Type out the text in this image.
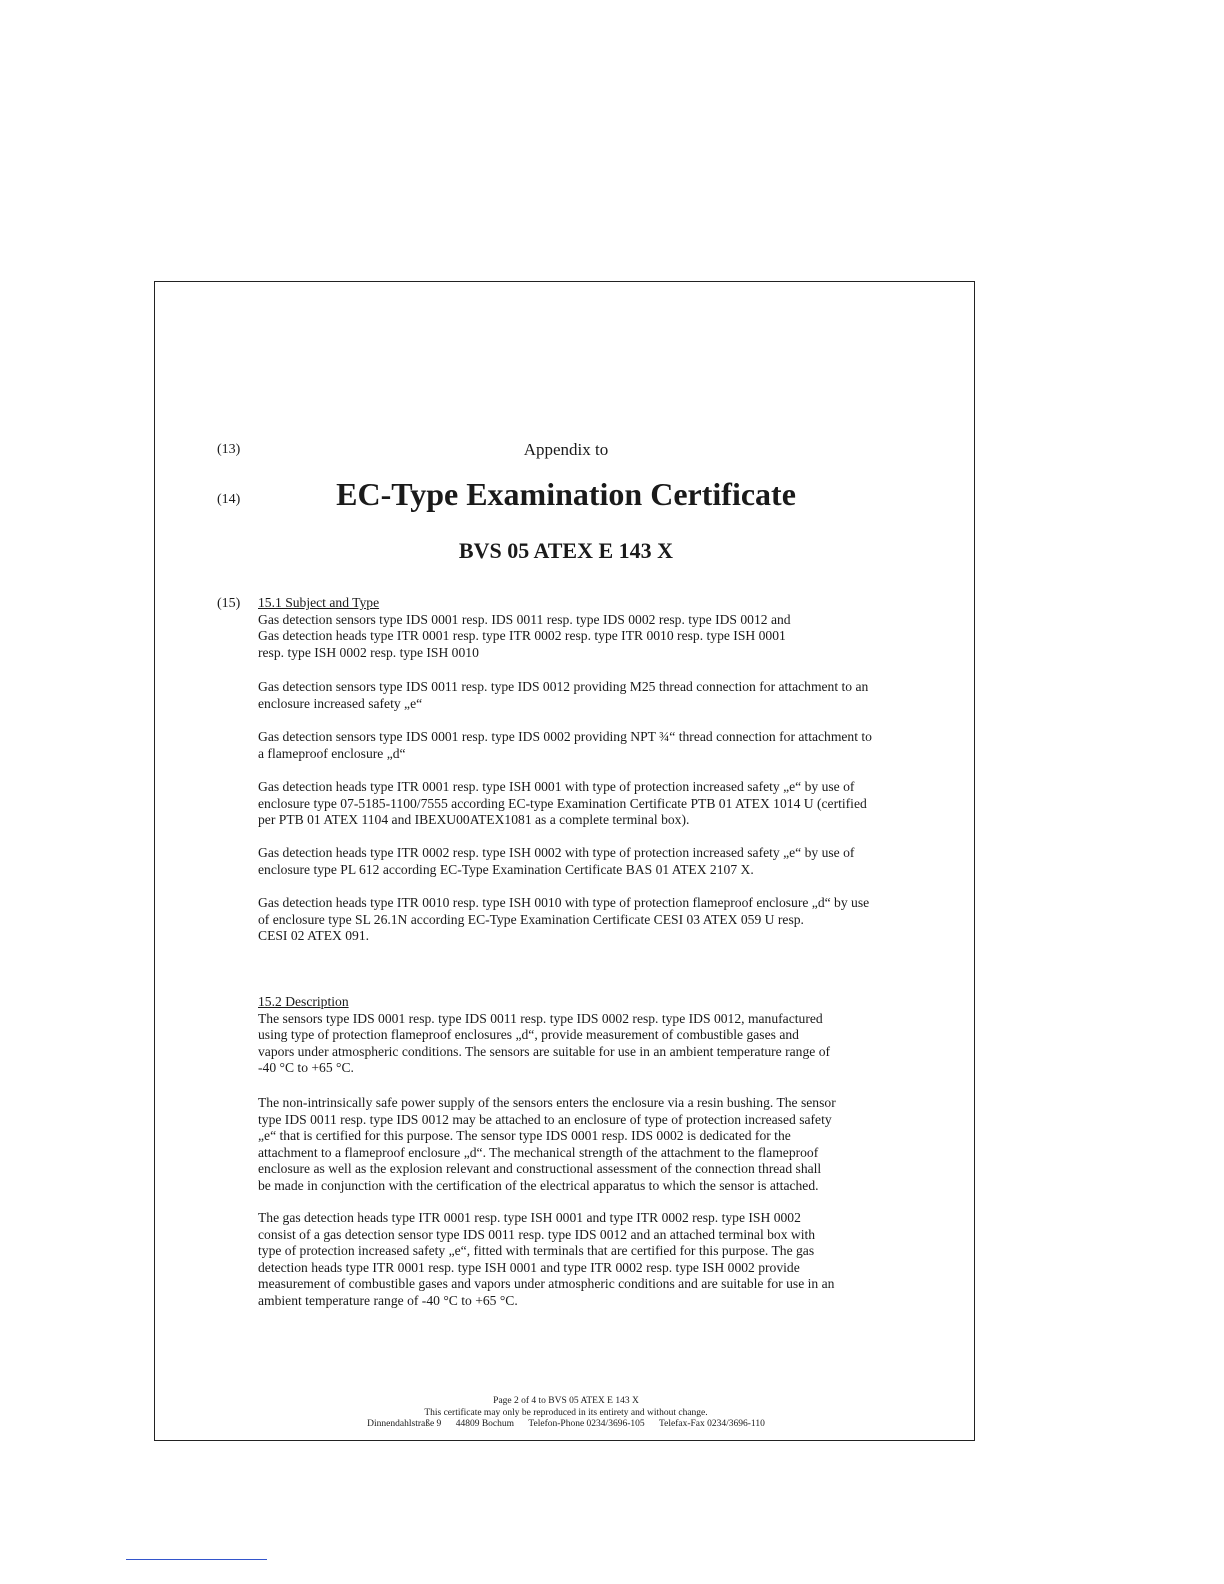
(13)
(14)
(15)
Appendix to
EC-Type Examination Certificate
BVS 05 ATEX E 143 X

15.1 Subject and Type

Gas detection sensors type IDS 0001 resp. IDS 0011 resp. type IDS 0002 resp. type IDS 0012 and
Gas detection heads type ITR 0001 resp. type ITR 0002 resp. type ITR 0010 resp. type ISH 0001
resp. type ISH 0002 resp. type ISH 0010

Gas detection sensors type IDS 0011 resp. type IDS 0012 providing M25 thread connection for attachment to an
enclosure increased safety „e“
Gas detection sensors type IDS 0001 resp. type IDS 0002 providing NPT ¾“ thread connection for attachment to
a flameproof enclosure „d“
Gas detection heads type ITR 0001 resp. type ISH 0001 with type of protection increased safety „e“ by use of
enclosure type 07-5185-1100/7555 according EC-type Examination Certificate PTB 01 ATEX 1014 U (certified
per PTB 01 ATEX 1104 and IBEXU00ATEX1081 as a complete terminal box).
Gas detection heads type ITR 0002 resp. type ISH 0002 with type of protection increased safety „e“ by use of
enclosure type PL 612 according EC-Type Examination Certificate BAS 01 ATEX 2107 X.
Gas detection heads type ITR 0010 resp. type ISH 0010 with type of protection flameproof enclosure „d“ by use
of enclosure type SL 26.1N according EC-Type Examination Certificate CESI 03 ATEX 059 U resp.
CESI 02 ATEX 091.

15.2 Description

The sensors type IDS 0001 resp. type IDS 0011 resp. type IDS 0002 resp. type IDS 0012, manufactured
using type of protection flameproof enclosures „d“, provide measurement of combustible gases and
vapors under atmospheric conditions. The sensors are suitable for use in an ambient temperature range of
-40 °C to +65 °C.

The non-intrinsically safe power supply of the sensors enters the enclosure via a resin bushing. The sensor
type IDS 0011 resp. type IDS 0012 may be attached to an enclosure of type of protection increased safety
„e“ that is certified for this purpose. The sensor type IDS 0001 resp. IDS 0002 is dedicated for the
attachment to a flameproof enclosure „d“. The mechanical strength of the attachment to the flameproof
enclosure as well as the explosion relevant and constructional assessment of the connection thread shall
be made in conjunction with the certification of the electrical apparatus to which the sensor is attached.
The gas detection heads type ITR 0001 resp. type ISH 0001 and type ITR 0002 resp. type ISH 0002
consist of a gas detection sensor type IDS 0011 resp. type IDS 0012 and an attached terminal box with
type of protection increased safety „e“, fitted with terminals that are certified for this purpose. The gas
detection heads type ITR 0001 resp. type ISH 0001 and type ITR 0002 resp. type ISH 0002 provide
measurement of combustible gases and vapors under atmospheric conditions and are suitable for use in an
ambient temperature range of -40 °C to +65 °C.
Page 2 of 4 to BVS 05 ATEX E 143 X
This certificate may only be reproduced in its entirety and without change.
Dinnendahlstraße 9 44809 Bochum Telefon-Phone 0234/3696-105 Telefax-Fax 0234/3696-110
